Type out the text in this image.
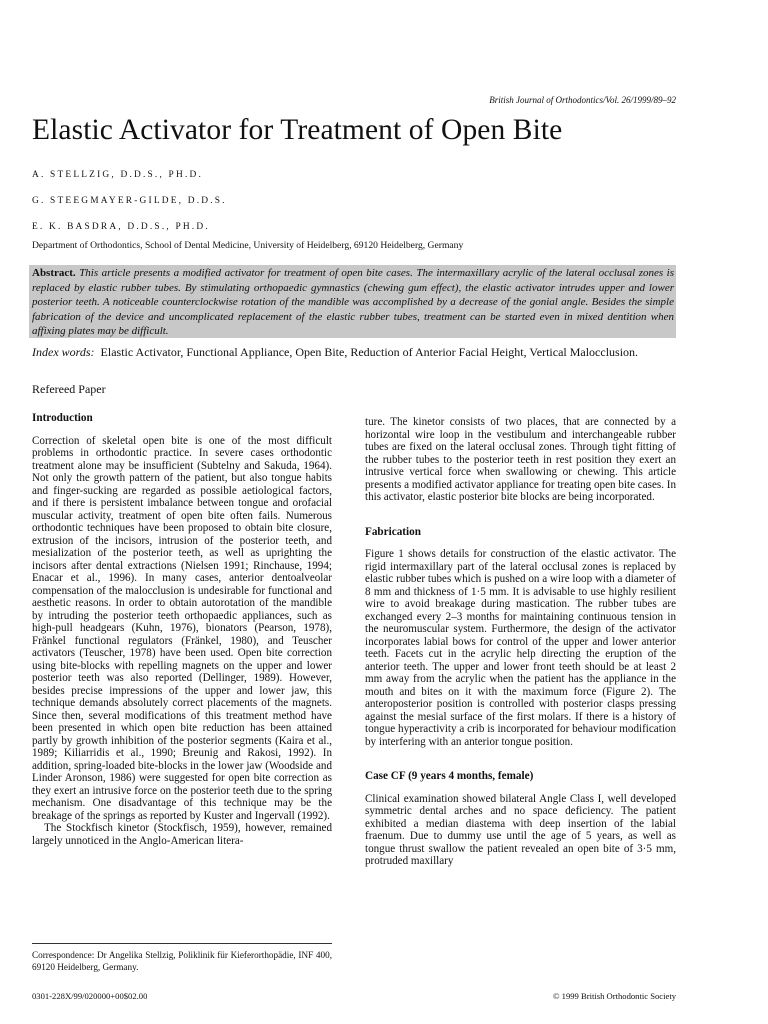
British Journal of Orthodontics/Vol. 26/1999/89–92
Elastic Activator for Treatment of Open Bite
A. STELLZIG, D.D.S., PH.D.
G. STEEGMAYER-GILDE, D.D.S.
E. K. BASDRA, D.D.S., PH.D.
Department of Orthodontics, School of Dental Medicine, University of Heidelberg, 69120 Heidelberg, Germany
Abstract. This article presents a modified activator for treatment of open bite cases. The intermaxillary acrylic of the lateral occlusal zones is replaced by elastic rubber tubes. By stimulating orthopaedic gymnastics (chewing gum effect), the elastic activator intrudes upper and lower posterior teeth. A noticeable counterclockwise rotation of the mandible was accomplished by a decrease of the gonial angle. Besides the simple fabrication of the device and uncomplicated replacement of the elastic rubber tubes, treatment can be started even in mixed dentition when affixing plates may be difficult.
Index words: Elastic Activator, Functional Appliance, Open Bite, Reduction of Anterior Facial Height, Vertical Malocclusion.
Refereed Paper

Introduction

Correction of skeletal open bite is one of the most difficult problems in orthodontic practice. In severe cases orthodontic treatment alone may be insufficient (Subtelny and Sakuda, 1964). Not only the growth pattern of the patient, but also tongue habits and finger-sucking are regarded as possible aetiological factors, and if there is persistent imbalance between tongue and orofacial muscular activity, treatment of open bite often fails. Numerous orthodontic techniques have been proposed to obtain bite closure, extrusion of the incisors, intrusion of the posterior teeth, and mesialization of the posterior teeth, as well as uprighting the incisors after dental extractions (Nielsen 1991; Rinchause, 1994; Enacar et al., 1996). In many cases, anterior dentoalveolar compensation of the malocclusion is undesirable for functional and aesthetic reasons. In order to obtain autorotation of the mandible by intruding the posterior teeth orthopaedic appliances, such as high-pull headgears (Kuhn, 1976), bionators (Pearson, 1978), Fränkel functional regulators (Fränkel, 1980), and Teuscher activators (Teuscher, 1978) have been used. Open bite correction using bite-blocks with repelling magnets on the upper and lower posterior teeth was also reported (Dellinger, 1989). However, besides precise impressions of the upper and lower jaw, this technique demands absolutely correct placements of the magnets. Since then, several modifications of this treatment method have been presented in which open bite reduction has been attained partly by growth inhibition of the posterior segments (Kaira et al., 1989; Kiliarridis et al., 1990; Breunig and Rakosi, 1992). In addition, spring-loaded bite-blocks in the lower jaw (Woodside and Linder Aronson, 1986) were suggested for open bite correction as they exert an intrusive force on the posterior teeth due to the spring mechanism. One disadvantage of this technique may be the breakage of the springs as reported by Kuster and Ingervall (1992).

The Stockfisch kinetor (Stockfisch, 1959), however, remained largely unnoticed in the Anglo-American litera-

Correspondence: Dr Angelika Stellzig, Poliklinik für Kieferorthopädie, INF 400, 69120 Heidelberg, Germany.

ture. The kinetor consists of two places, that are connected by a horizontal wire loop in the vestibulum and interchangeable rubber tubes are fixed on the lateral occlusal zones. Through tight fitting of the rubber tubes to the posterior teeth in rest position they exert an intrusive vertical force when swallowing or chewing. This article presents a modified activator appliance for treating open bite cases. In this activator, elastic posterior bite blocks are being incorporated.

Fabrication

Figure 1 shows details for construction of the elastic activator. The rigid intermaxillary part of the lateral occlusal zones is replaced by elastic rubber tubes which is pushed on a wire loop with a diameter of 8 mm and thickness of 1·5 mm. It is advisable to use highly resilient wire to avoid breakage during mastication. The rubber tubes are exchanged every 2–3 months for maintaining continuous tension in the neuromuscular system. Furthermore, the design of the activator incorporates labial bows for control of the upper and lower anterior teeth. Facets cut in the acrylic help directing the eruption of the anterior teeth. The upper and lower front teeth should be at least 2 mm away from the acrylic when the patient has the appliance in the mouth and bites on it with the maximum force (Figure 2). The anteroposterior position is controlled with posterior clasps pressing against the mesial surface of the first molars. If there is a history of tongue hyperactivity a crib is incorporated for behaviour modification by interfering with an anterior tongue position.

Case CF (9 years 4 months, female)

Clinical examination showed bilateral Angle Class I, well developed symmetric dental arches and no space deficiency. The patient exhibited a median diastema with deep insertion of the labial fraenum. Due to dummy use until the age of 5 years, as well as tongue thrust swallow the patient revealed an open bite of 3·5 mm, protruded maxillary

0301-228X/99/020000+00$02.00	© 1999 British Orthodontic Society
